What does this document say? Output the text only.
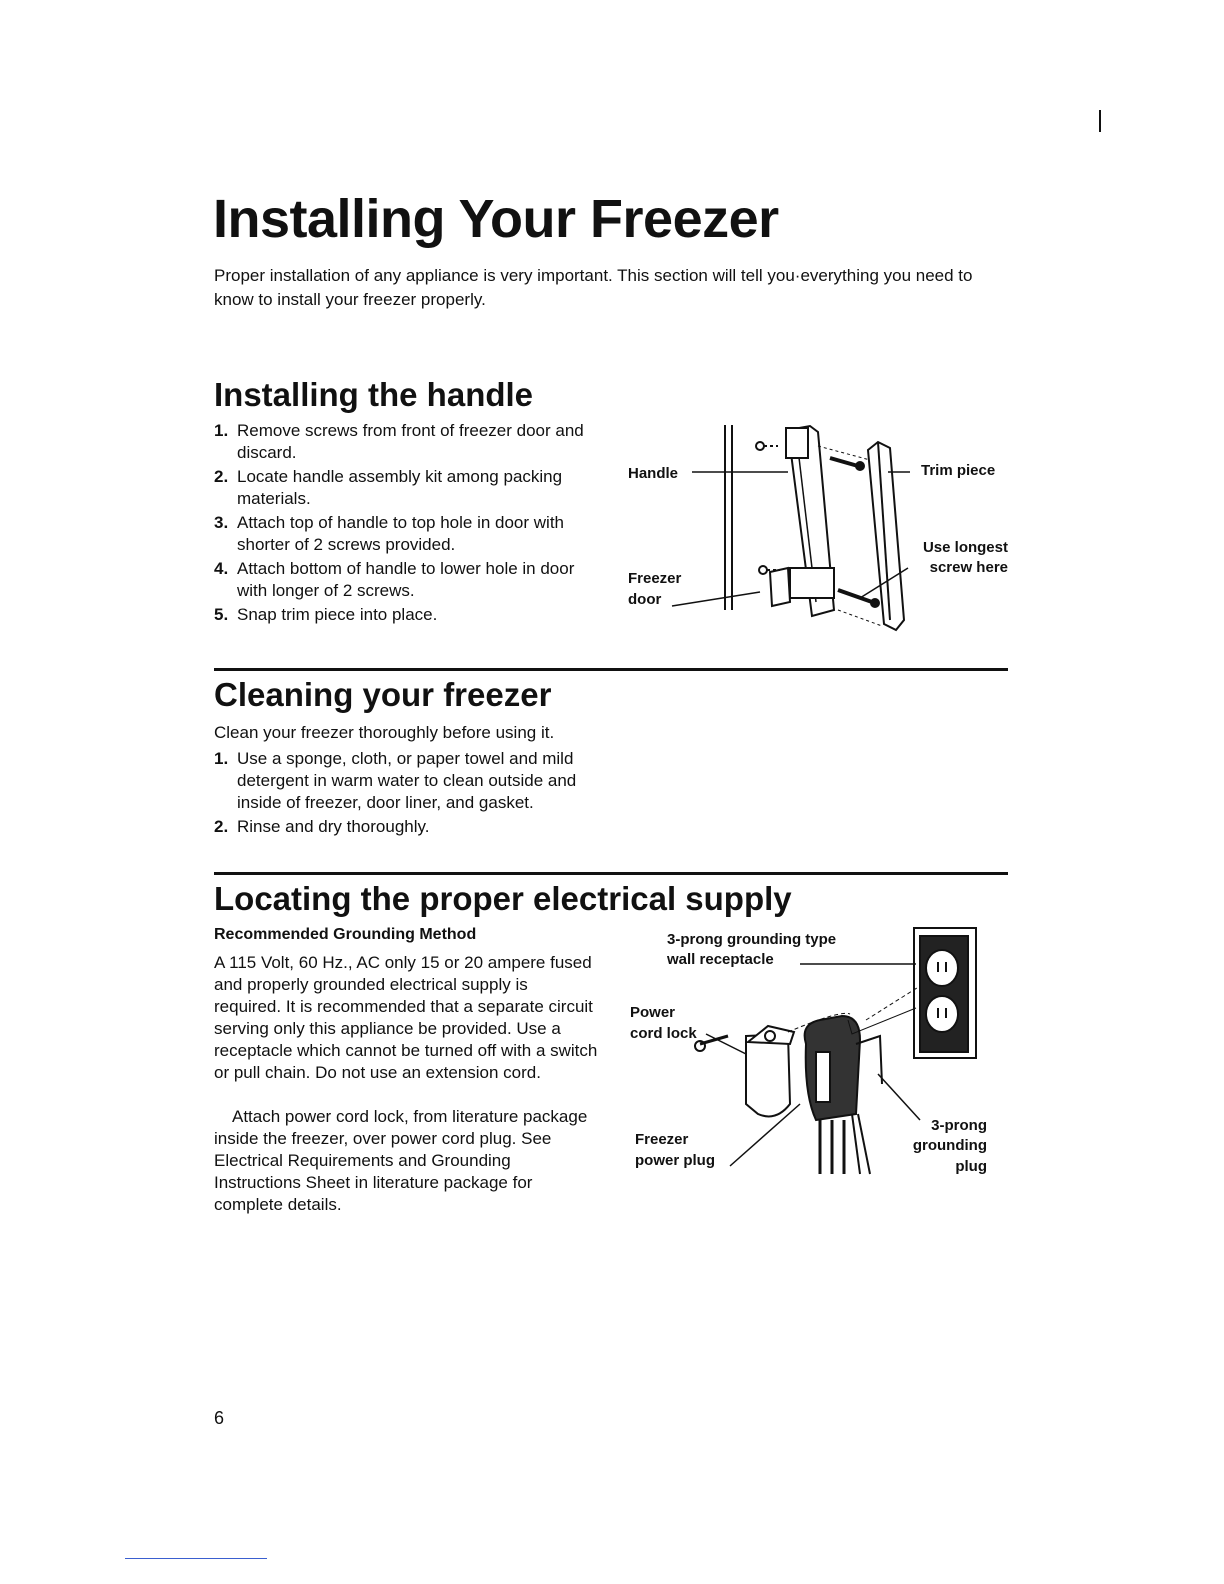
Installing Your Freezer

Proper installation of any appliance is very important. This section will tell you·everything you need to know to install your freezer properly.

Installing the handle
1. Remove screws from front of freezer door and discard.
2. Locate handle assembly kit among packing materials.
3. Attach top of handle to top hole in door with shorter of 2 screws provided.
4. Attach bottom of handle to lower hole in door with longer of 2 screws.
5. Snap trim piece into place.

Handle

Freezer

door

Trim piece

Use longest

screw here

Cleaning your freezer

Clean your freezer thoroughly before using it.

1. Use a sponge, cloth, or paper towel and mild detergent in warm water to clean outside and inside of freezer, door liner, and gasket.
2. Rinse and dry thoroughly.
Locating the proper electrical supply

Recommended Grounding Method

A 115 Volt, 60 Hz., AC only 15 or 20 ampere fused and properly grounded electrical supply is required. It is recommended that a separate circuit serving only this appliance be provided. Use a receptacle which cannot be turned off with a switch or pull chain. Do not use an extension cord.

Attach power cord lock, from literature package inside the freezer, over power cord plug. See Electrical Requirements and Grounding Instructions Sheet in literature package for complete details.

3-prong grounding type

wall receptacle

Power

cord lock

Freezer

power plug

3-prong

grounding

plug

6
